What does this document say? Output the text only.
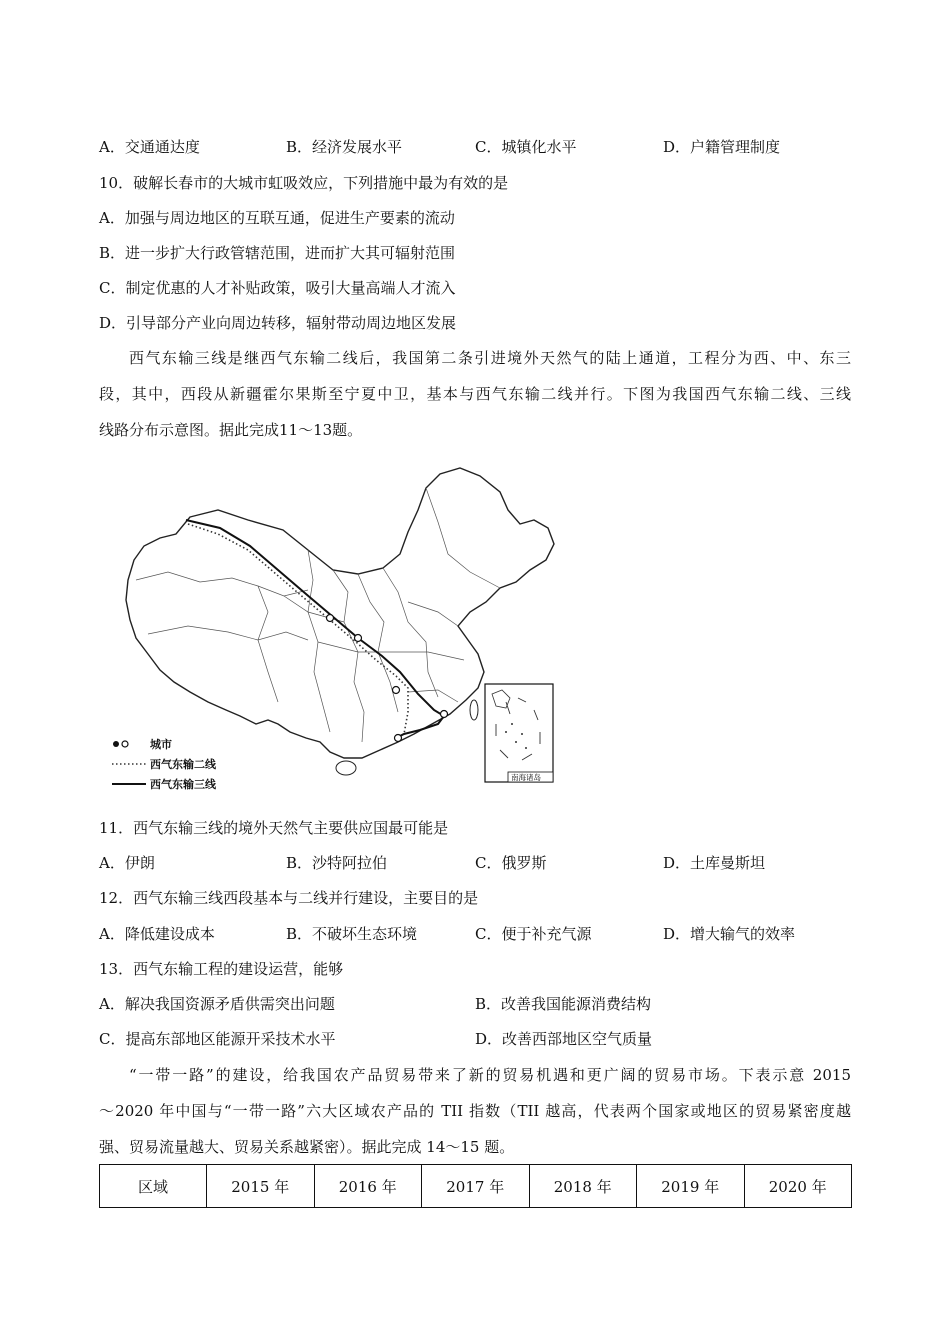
A．交通通达度	B．经济发展水平	C．城镇化水平	D．户籍管理制度
10．破解长春市的大城市虹吸效应，下列措施中最为有效的是
A．加强与周边地区的互联互通，促进生产要素的流动
B．进一步扩大行政管辖范围，进而扩大其可辐射范围
C．制定优惠的人才补贴政策，吸引大量高端人才流入
D．引导部分产业向周边转移，辐射带动周边地区发展
西气东输三线是继西气东输二线后，我国第二条引进境外天然气的陆上通道，工程分为西、中、东三
段，其中，西段从新疆霍尔果斯至宁夏中卫，基本与西气东输二线并行。下图为我国西气东输二线、三线
线路分布示意图。据此完成11～13题。
城市
西气东输二线
西气东输三线
南海诸岛
11．西气东输三线的境外天然气主要供应国最可能是
A．伊朗	B．沙特阿拉伯	C．俄罗斯	D．土库曼斯坦
12．西气东输三线西段基本与二线并行建设，主要目的是
A．降低建设成本	B．不破坏生态环境	C．便于补充气源	D．增大输气的效率
13．西气东输工程的建设运营，能够
A．解决我国资源矛盾供需突出问题	B．改善我国能源消费结构
C．提高东部地区能源开采技术水平	D．改善西部地区空气质量
“一带一路”的建设，给我国农产品贸易带来了新的贸易机遇和更广阔的贸易市场。下表示意 2015
～2020 年中国与“一带一路”六大区域农产品的 TII 指数（TII 越高，代表两个国家或地区的贸易紧密度越
强、贸易流量越大、贸易关系越紧密）。据此完成 14～15 题。
区域	2015 年	2016 年	2017 年	2018 年	2019 年	2020 年
